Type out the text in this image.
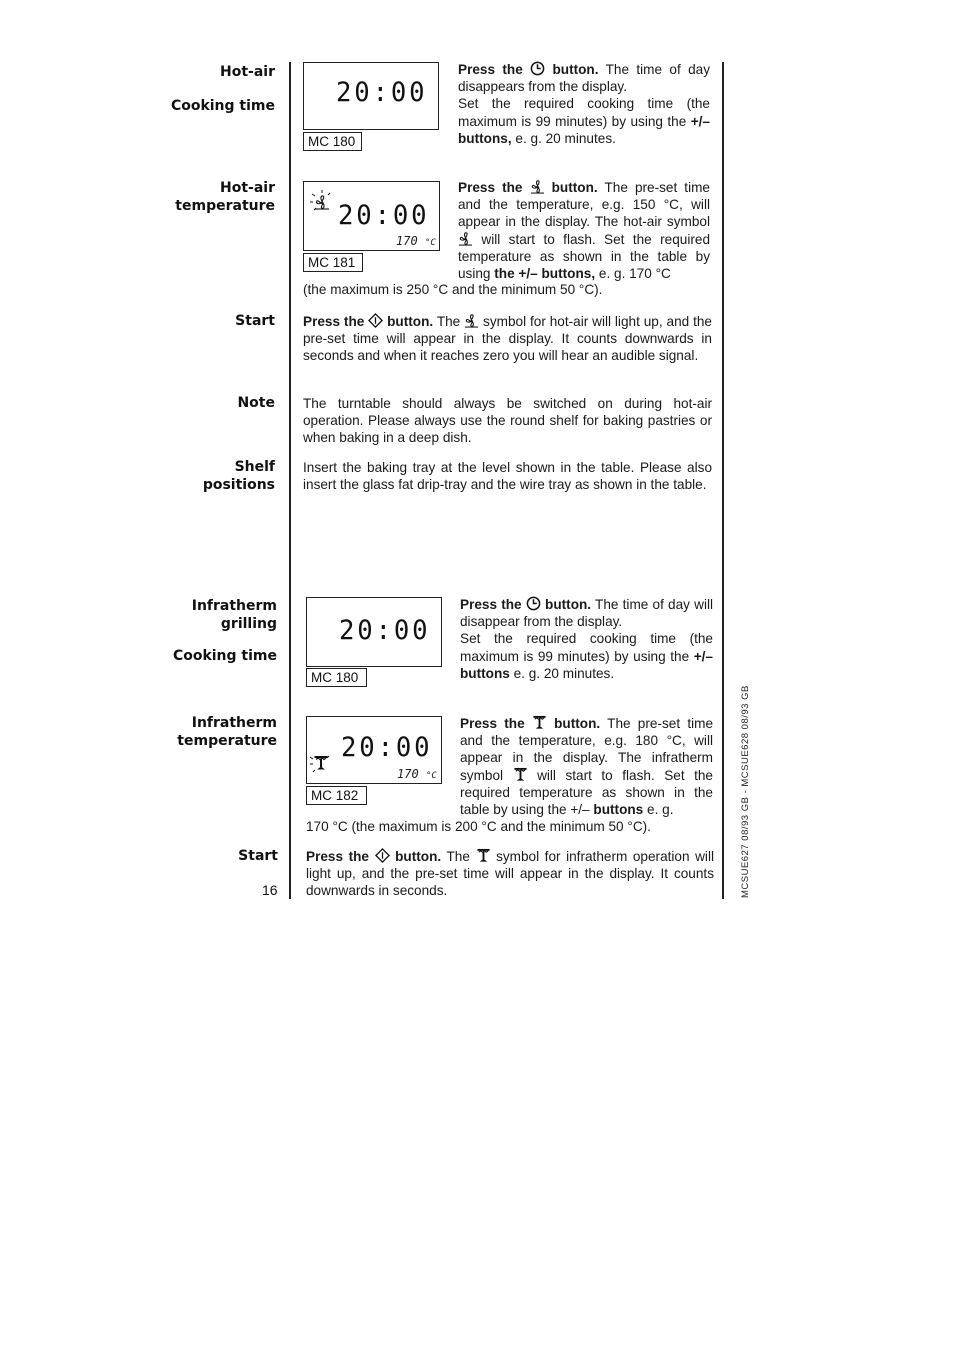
Hot-air
Cooking time
Hot-air
temperature
Start
Note
Shelf
positions
Infratherm
grilling
Cooking time
Infratherm
temperature
Start
20:00
MC 180
Press the button. The time of day disappears from the display.
Set the required cooking time (the maximum is 99 minutes) by using the +/– buttons, e. g. 20 minutes.
20:00
170 °C
MC 181
Press the button. The pre-set time and the temperature, e.g. 150 °C, will appear in the display. The hot-air symbol  will start to flash. Set the required temperature as shown in the table by using the +/– buttons, e. g. 170 °C
(the maximum is 250 °C and the minimum 50 °C).
Press the button. The symbol for hot-air will light up, and the pre-set time will appear in the display. It counts downwards in seconds and when it reaches zero you will hear an audible signal.
The turntable should always be switched on during hot-air operation. Please always use the round shelf for baking pastries or when baking in a deep dish.
Insert the baking tray at the level shown in the table. Please also insert the glass fat drip-tray and the wire tray as shown in the table.
20:00
MC 180
Press the button. The time of day will disappear from the display.
Set the required cooking time (the maximum is 99 minutes) by using the +/– buttons e. g. 20 minutes.
20:00
170 °C
MC 182
Press the button. The pre-set time and the temperature, e.g. 180 °C, will appear in the display. The infratherm symbol	will start to flash. Set the required temperature as shown in the table by using the +/– buttons e. g.
170 °C (the maximum is 200 °C and the minimum 50 °C).
Press the button. The symbol for infratherm operation will light up, and the pre-set time will appear in the display. It counts downwards in seconds.
16	MCSUE627 08/93 GB - MCSUE628 08/93 GB
